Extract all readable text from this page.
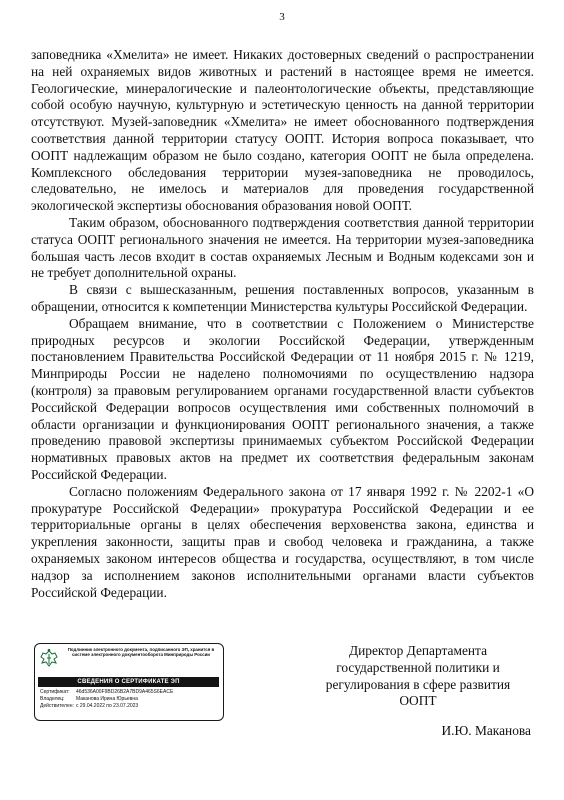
3

заповедника «Хмелита» не имеет. Никаких достоверных сведений о распространении на ней охраняемых видов животных и растений в настоящее время не имеется. Геологические, минералогические и палеонтологические объекты, представляющие собой особую научную, культурную и эстетическую ценность на данной территории отсутствуют. Музей-заповедник «Хмелита» не имеет обоснованного подтверждения соответствия данной территории статусу ООПТ. История вопроса показывает, что ООПТ надлежащим образом не было создано, категория ООПТ не была определена. Комплексного обследования территории музея-заповедника не проводилось, следовательно, не имелось и материалов для проведения государственной экологической экспертизы обоснования образования новой ООПТ.

Таким образом, обоснованного подтверждения соответствия данной территории статуса ООПТ регионального значения не имеется. На территории музея-заповедника большая часть лесов входит в состав охраняемых Лесным и Водным кодексами зон и не требует дополнительной охраны.

В связи с вышесказанным, решения поставленных вопросов, указанным в обращении, относится к компетенции Министерства культуры Российской Федерации.

Обращаем внимание, что в соответствии с Положением о Министерстве природных ресурсов и экологии Российской Федерации, утвержденным постановлением Правительства Российской Федерации от 11 ноября 2015 г. № 1219, Минприроды России не наделено полномочиями по осуществлению надзора (контроля) за правовым регулированием органами государственной власти субъектов Российской Федерации вопросов осуществления ими собственных полномочий в области организации и функционирования ООПТ регионального значения, а также проведению правовой экспертизы принимаемых субъектом Российской Федерации нормативных правовых актов на предмет их соответствия федеральным законам Российской Федерации.

Согласно положениям Федерального закона от 17 января 1992 г. № 2202-1 «О прокуратуре Российской Федерации» прокуратура Российской Федерации и ее территориальные органы в целях обеспечения верховенства закона, единства и укрепления законности, защиты прав и свобод человека и гражданина, а также охраняемых законом интересов общества и государства, осуществляют, в том числе надзор за исполнением законов исполнительными органами власти субъектов Российской Федерации.

Подлинник электронного документа, подписанного ЭП, хранится в системе электронного документооборота Минприроды России
СВЕДЕНИЯ О СЕРТИФИКАТЕ ЭП
Сертификат:	46d536A00F9BD26B2A7BD9A465S6EACE
Владелец:	Маканова Ирина Юрьевна
Действителен: с 29.04.2022 по 23.07.2023
Директор Департамента
государственной политики и
регулирования в сфере развития
ООПТ
И.Ю. Маканова
